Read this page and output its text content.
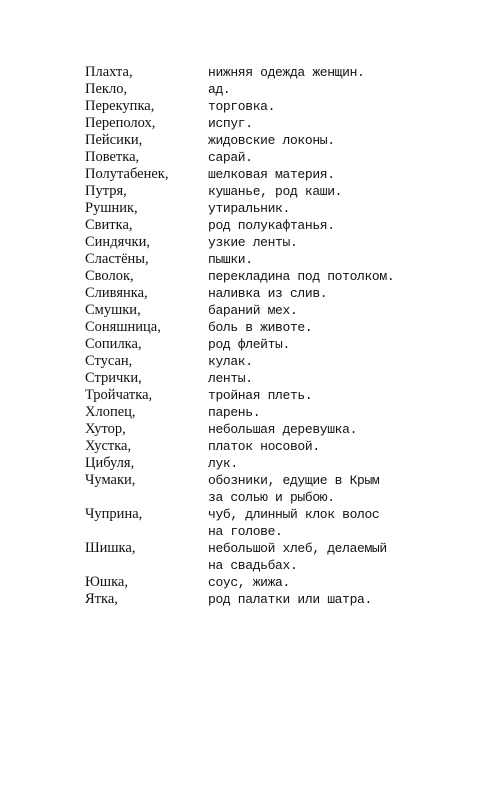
Плахта,	нижняя одежда женщин.
Пекло,	ад.
Перекупка,	торговка.
Переполох,	испуг.
Пейсики,	жидовские локоны.
Поветка,	сарай.
Полутабенек,	шелковая материя.
Путря,	кушанье, род каши.
Рушник,	утиральник.
Свитка,	род полукафтанья.
Синдячки,	узкие ленты.
Сластёны,	пышки.
Сволок,	перекладина под потолком.
Сливянка,	наливка из слив.
Смушки,	бараний мех.
Соняшница,	боль в животе.
Сопилка,	род флейты.
Стусан,	кулак.
Стрички,	ленты.
Тройчатка,	тройная плеть.
Хлопец,	парень.
Хутор,	небольшая деревушка.
Хустка,	платок носовой.
Цибуля,	лук.
Чумаки,	обозники, едущие в Крым
за солью и рыбою.
Чуприна,	чуб, длинный клок волос
на голове.
Шишка,	небольшой хлеб, делаемый
на свадьбах.
Юшка,	соус, жижа.
Ятка,	род палатки или шатра.
